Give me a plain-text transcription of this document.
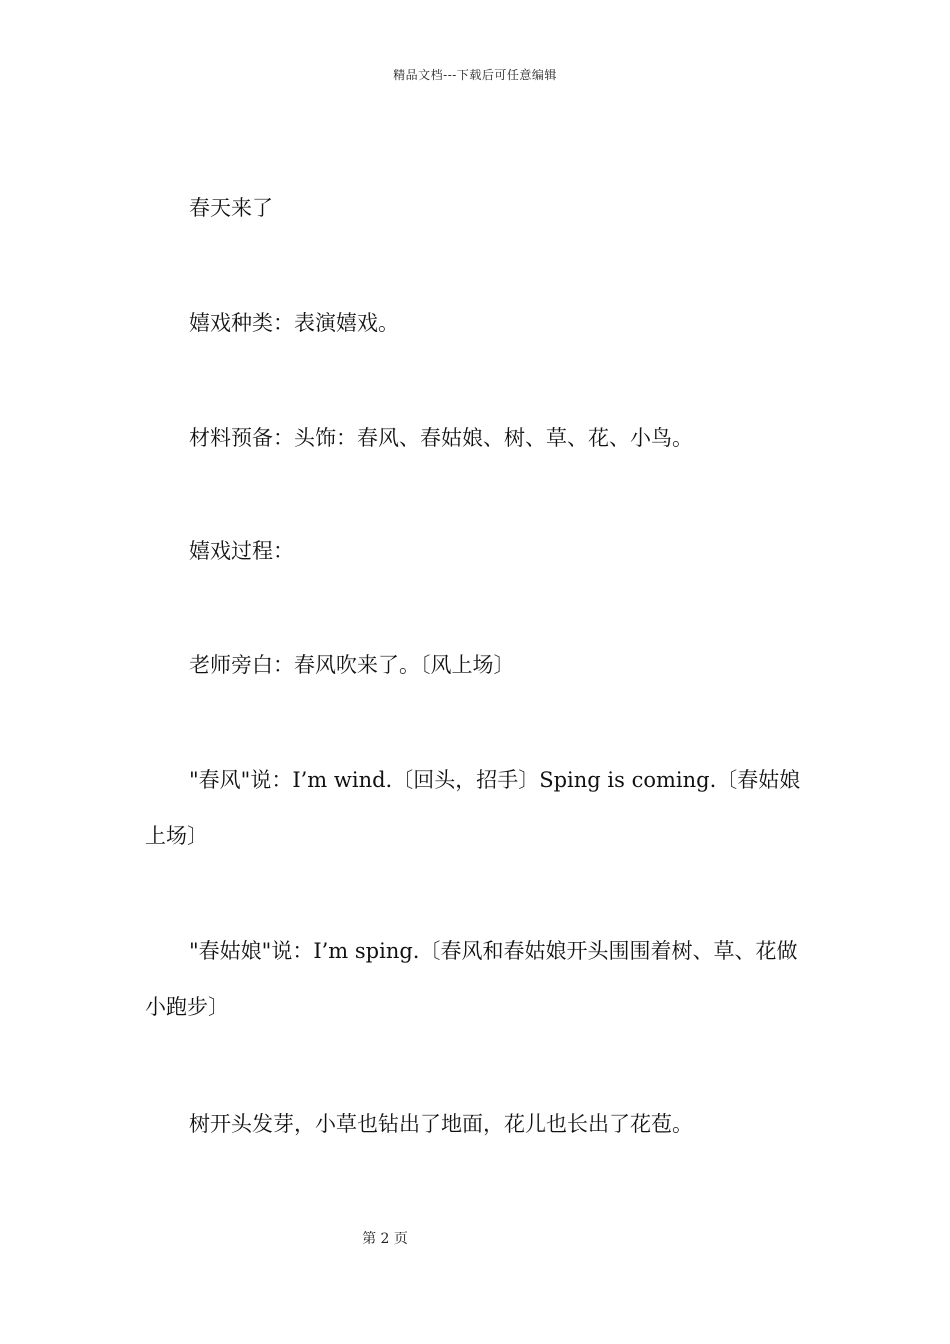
精品文档---下载后可任意编辑
春天来了
嬉戏种类：表演嬉戏。
材料预备：头饰：春风、春姑娘、树、草、花、小鸟。
嬉戏过程：
老师旁白：春风吹来了。〔风上场〕
"春风"说：I’m wind.〔回头，招手〕Sping is coming.〔春姑娘上场〕
"春姑娘"说：I’m sping.〔春风和春姑娘开头围围着树、草、花做小跑步〕
树开头发芽，小草也钻出了地面，花儿也长出了花苞。
第 2 页
